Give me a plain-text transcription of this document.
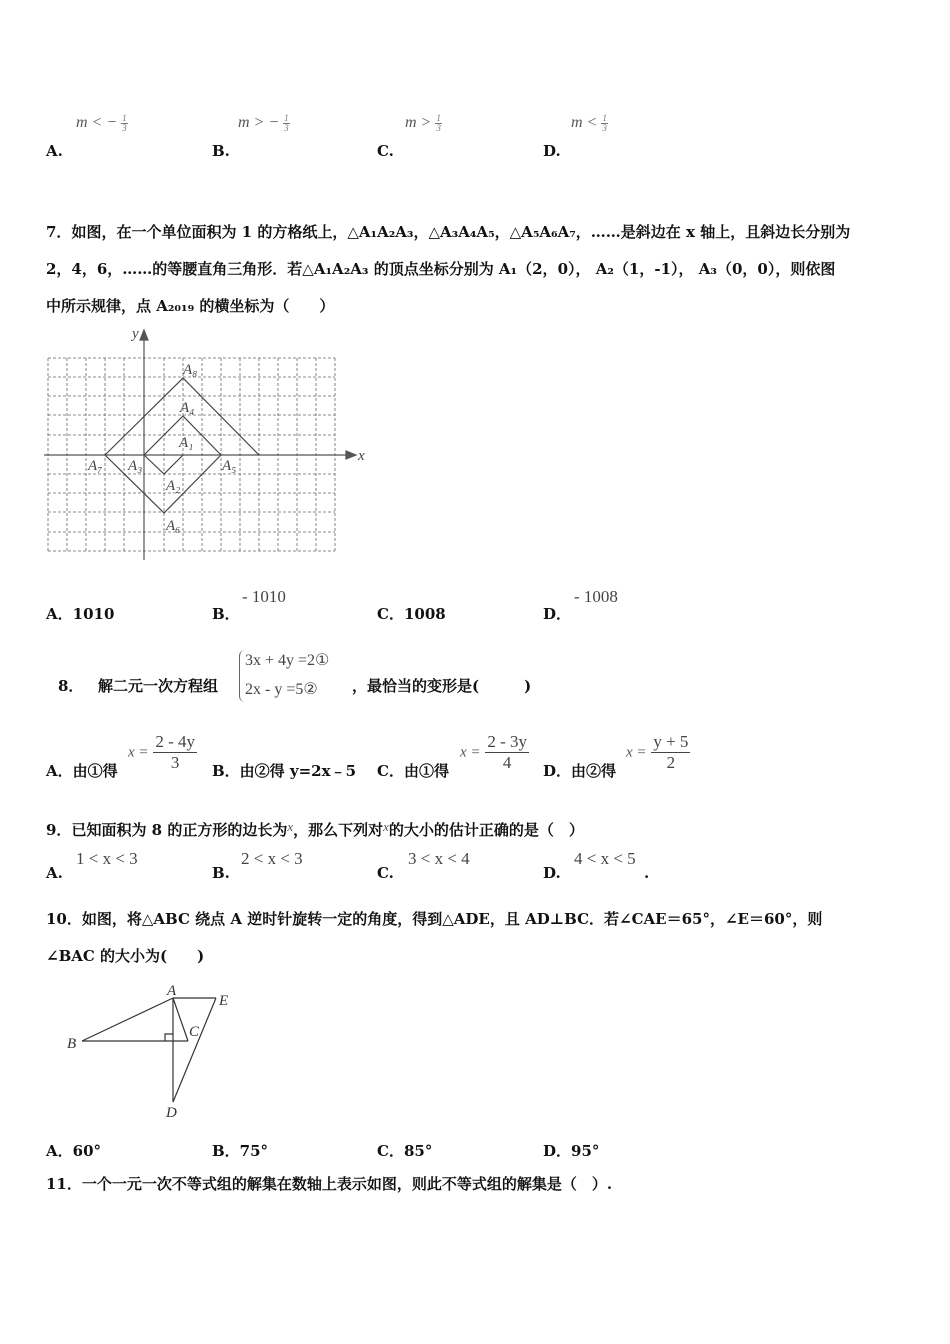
m < − $\frac{1}{3}$
A.
m > − $\frac{1}{3}$
B.
$m > \frac{1}{3}$
C.
$m < \frac{1}{3}$
D.
7．如图，在一个单位面积为 1 的方格纸上，△A₁A₂A₃，△A₃A₄A₅，△A₅A₆A₇，……是斜边在 x 轴上，且斜边长分别为
2，4，6，……的等腰直角三角形．若△A₁A₂A₃ 的顶点坐标分别为 A₁（2，0）， A₂（1，-1）， A₃（0，0），则依图
中所示规律，点 A₂₀₁₉ 的横坐标为（　　）
x
y
A₁
A₂
A₃
A₄
A₅
A₆
A₇
A₈
A．1010	B．
- 1010
C．1008	D．
- 1008
8． 解二元一次方程组
3x + 4y =2①
2x - y =5② ，最恰当的变形是(　　　)
A．由①得
$x = \frac{2 - 4y}{3}$ B．由②得 y=2x﹣5 C．由①得
$x = \frac{2 - 3y}{4}$ D．由②得
$x = \frac{y + 5}{2}$
9．已知面积为 8 的正方形的边长为x，那么下列对x的大小的估计正确的是（　）
A.
1 < x < 3
B.
2 < x < 3
C.
3 < x < 4
D.
4 < x < 5
.
10．如图，将△ABC 绕点 A 逆时针旋转一定的角度，得到△ADE，且 AD⊥BC．若∠CAE＝65°，∠E＝60°，则
∠BAC 的大小为(　　)
A
E
B
C
D
A．60°	B．75°	C．85°	D．95°
11．一个一元一次不等式组的解集在数轴上表示如图，则此不等式组的解集是（　）.
